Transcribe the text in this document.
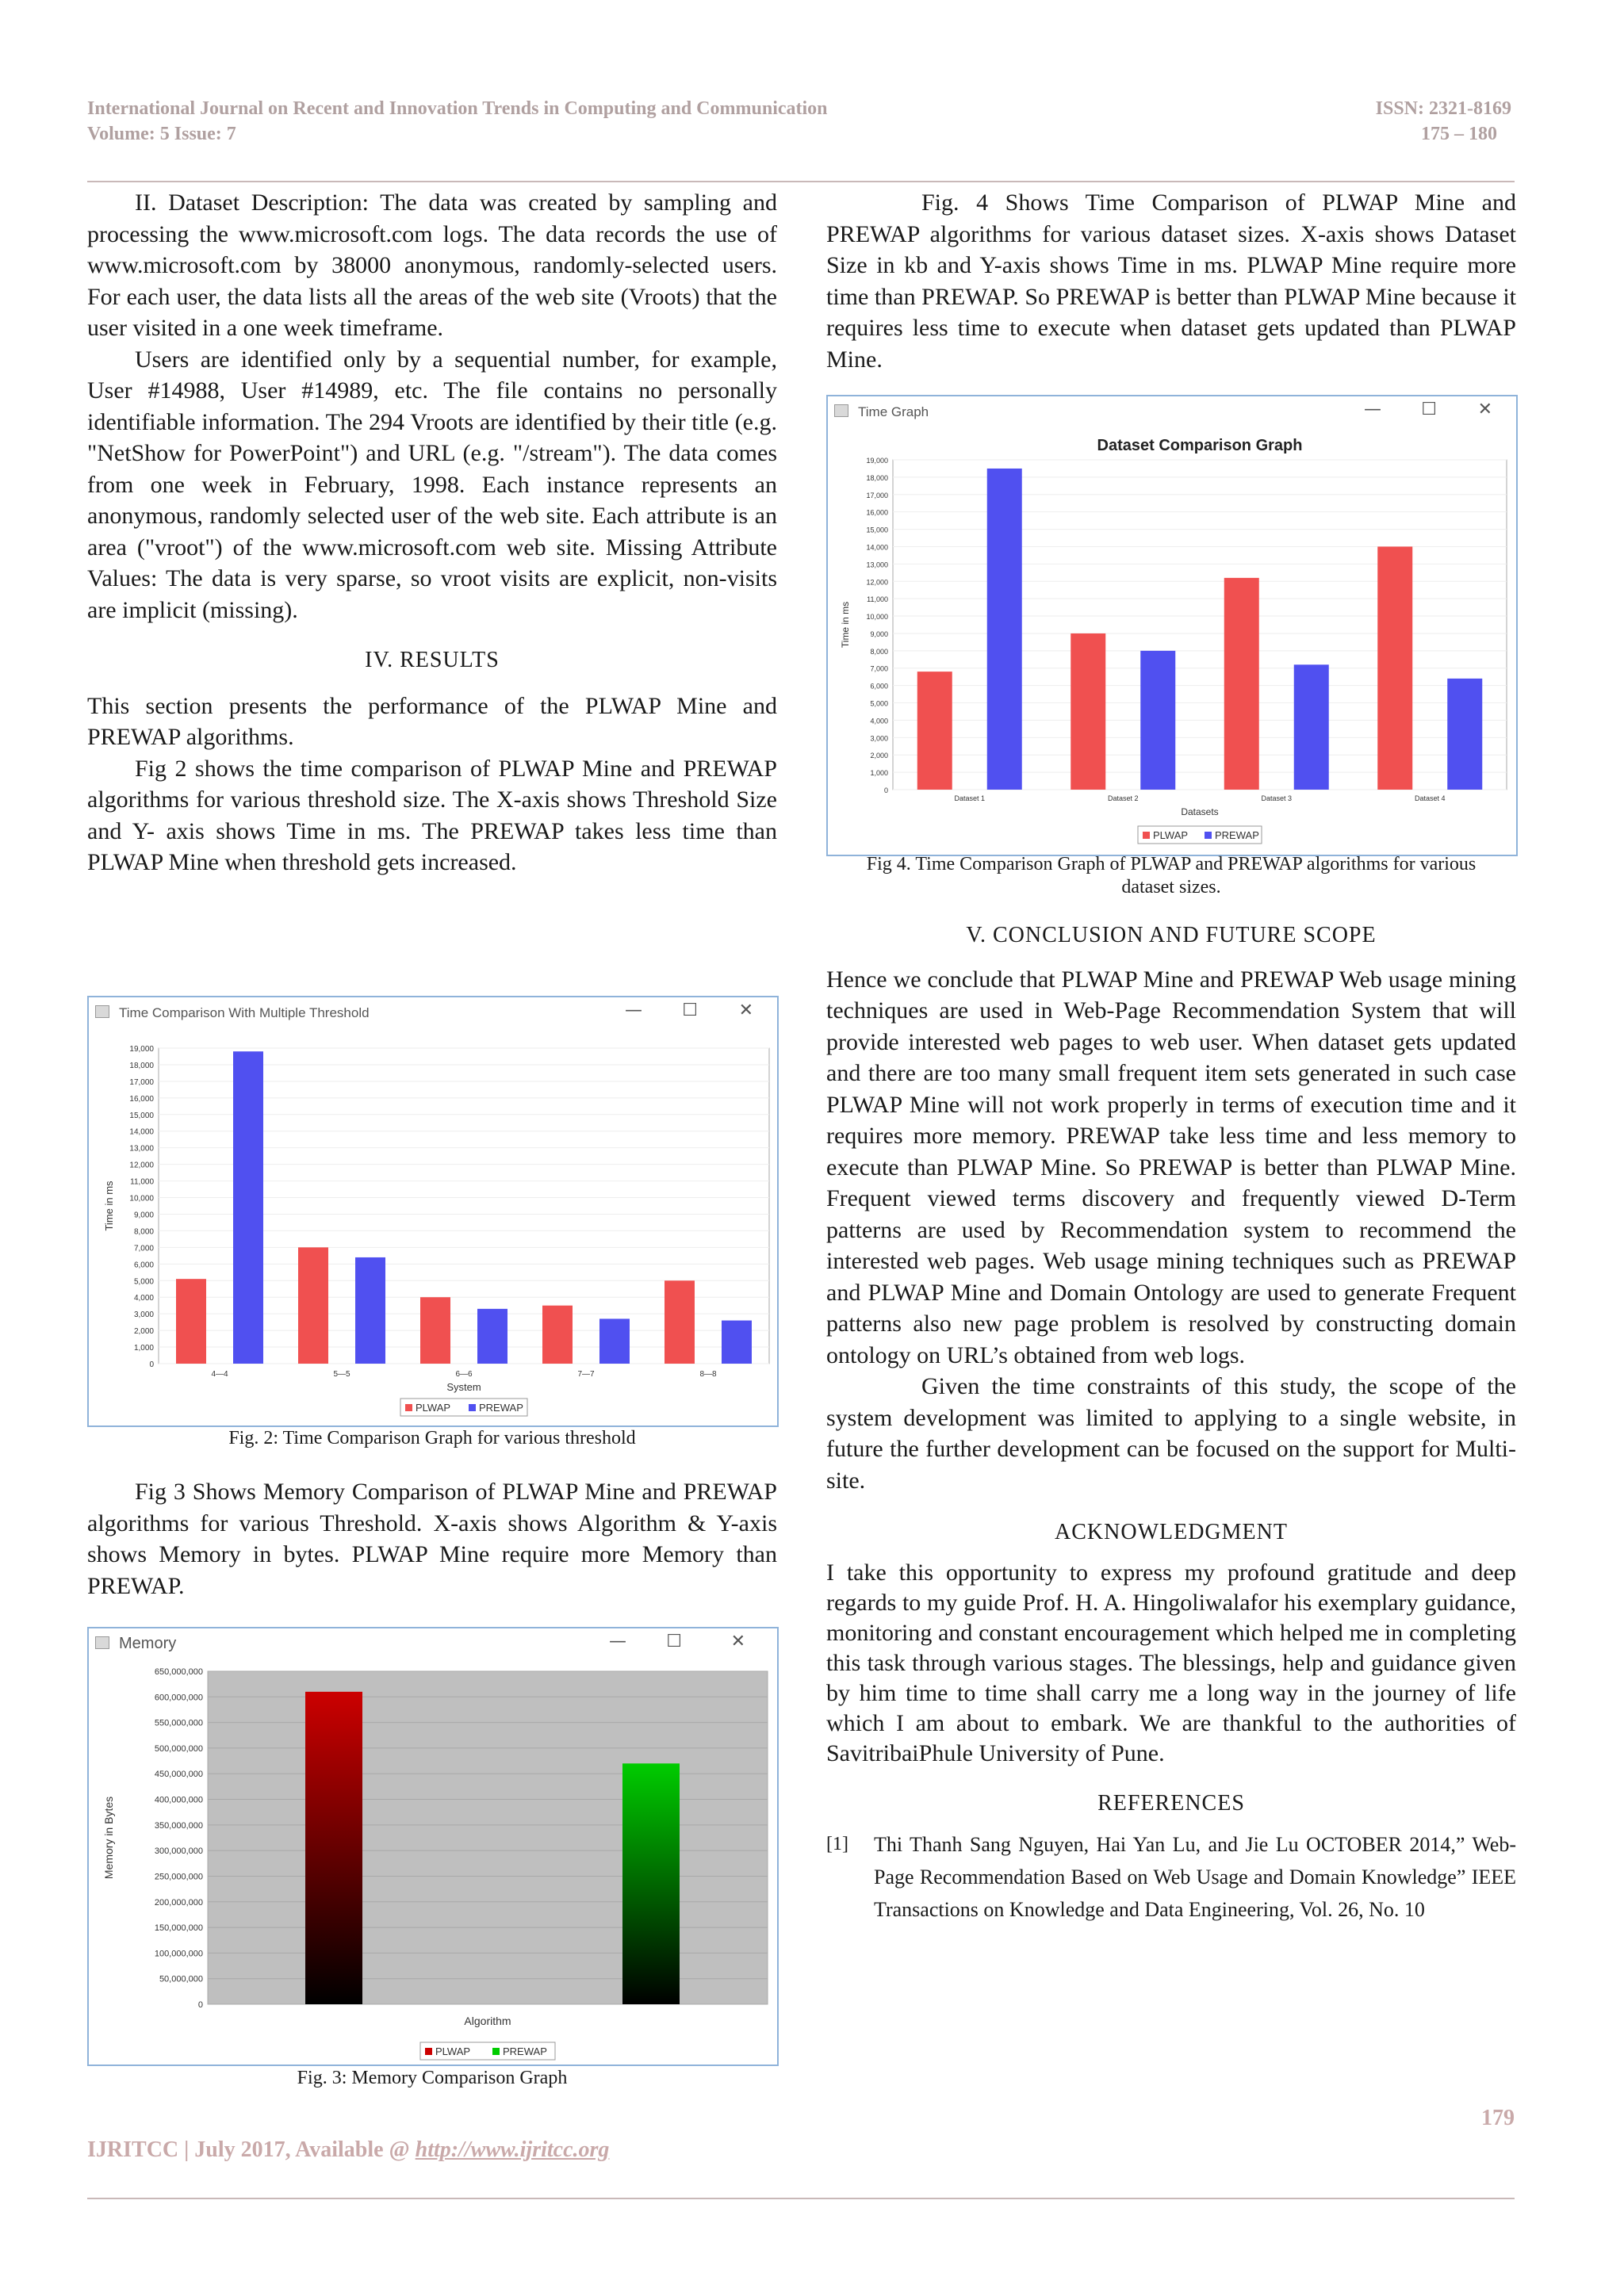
International Journal on Recent and Innovation Trends in Computing and Communication
Volume: 5 Issue: 7
ISSN: 2321-8169
175 – 180

II. Dataset Description: The data was created by sampling and processing the www.microsoft.com logs. The data records the use of www.microsoft.com by 38000 anonymous, randomly-selected users. For each user, the data lists all the areas of the web site (Vroots) that the user visited in a one week timeframe.

Users are identified only by a sequential number, for example, User #14988, User #14989, etc. The file contains no personally identifiable information. The 294 Vroots are identified by their title (e.g. "NetShow for PowerPoint") and URL (e.g. "/stream"). The data comes from one week in February, 1998. Each instance represents an anonymous, randomly selected user of the web site. Each attribute is an area ("vroot") of the www.microsoft.com web site. Missing Attribute Values: The data is very sparse, so vroot visits are explicit, non-visits are implicit (missing).

IV. RESULTS

This section presents the performance of the PLWAP Mine and PREWAP algorithms.

Fig 2 shows the time comparison of PLWAP Mine and PREWAP algorithms for various threshold size. The X-axis shows Threshold Size and Y- axis shows Time in ms. The PREWAP takes less time than PLWAP Mine when threshold gets increased.

Time Comparison With Multiple Threshold	— ☐ ✕
0
1,000
2,000
3,000
4,000
5,000
6,000
7,000
8,000
9,000
10,000
11,000
12,000
13,000
14,000
15,000
16,000
17,000
18,000
19,000
Time in ms
4—4	5—5	6—6	7—7	8—8
System
PLWAP	PREWAP
Fig. 2: Time Comparison Graph for various threshold

Fig 3 Shows Memory Comparison of PLWAP Mine and PREWAP algorithms for various Threshold. X-axis shows Algorithm & Y-axis shows Memory in bytes. PLWAP Mine require more Memory than PREWAP.

Memory	— ☐	✕
0
50,000,000
100,000,000
150,000,000
200,000,000
250,000,000
300,000,000
350,000,000
400,000,000
450,000,000
500,000,000
550,000,000
600,000,000
650,000,000
Memory in Bytes
Algorithm
PLWAP	PREWAP
Fig. 3: Memory Comparison Graph

Fig. 4 Shows Time Comparison of PLWAP Mine and PREWAP algorithms for various dataset sizes. X-axis shows Dataset Size in kb and Y-axis shows Time in ms. PLWAP Mine require more time than PREWAP. So PREWAP is better than PLWAP Mine because it requires less time to execute when dataset gets updated than PLWAP Mine.

Time Graph	— ☐ ✕
0
1,000
2,000
3,000
4,000
5,000
6,000
7,000
8,000
9,000
10,000
11,000
12,000
13,000
14,000
15,000
16,000
17,000
18,000
19,000
Time in ms
Dataset 1	Dataset 2	Dataset 3	Dataset 4
Datasets
Dataset Comparison Graph
PLWAP	PREWAP
Fig 4. Time Comparison Graph of PLWAP and PREWAP algorithms for various dataset sizes.

V. CONCLUSION AND FUTURE SCOPE

Hence we conclude that PLWAP Mine and PREWAP Web usage mining techniques are used in Web-Page Recommendation System that will provide interested web pages to web user. When dataset gets updated and there are too many small frequent item sets generated in such case PLWAP Mine will not work properly in terms of execution time and it requires more memory. PREWAP take less time and less memory to execute than PLWAP Mine. So PREWAP is better than PLWAP Mine. Frequent viewed terms discovery and frequently viewed D-Term patterns are used by Recommendation system to recommend the interested web pages. Web usage mining techniques such as PREWAP and PLWAP Mine and Domain Ontology are used to generate Frequent patterns also new page problem is resolved by constructing domain ontology on URL’s obtained from web logs.

Given the time constraints of this study, the scope of the system development was limited to applying to a single website, in future the further development can be focused on the support for Multi-site.

ACKNOWLEDGMENT

I take this opportunity to express my profound gratitude and deep regards to my guide Prof. H. A. Hingoliwalafor his exemplary guidance, monitoring and constant encouragement which helped me in completing this task through various stages. The blessings, help and guidance given by him time to time shall carry me a long way in the journey of life which I am about to embark. We are thankful to the authorities of SavitribaiPhule University of Pune.

REFERENCES

[1]	Thi Thanh Sang Nguyen, Hai Yan Lu, and Jie Lu OCTOBER 2014,” Web-Page Recommendation Based on Web Usage and Domain Knowledge” IEEE Transactions on Knowledge and Data Engineering, Vol. 26, No. 10
179
IJRITCC | July 2017, Available @ http://www.ijritcc.org
